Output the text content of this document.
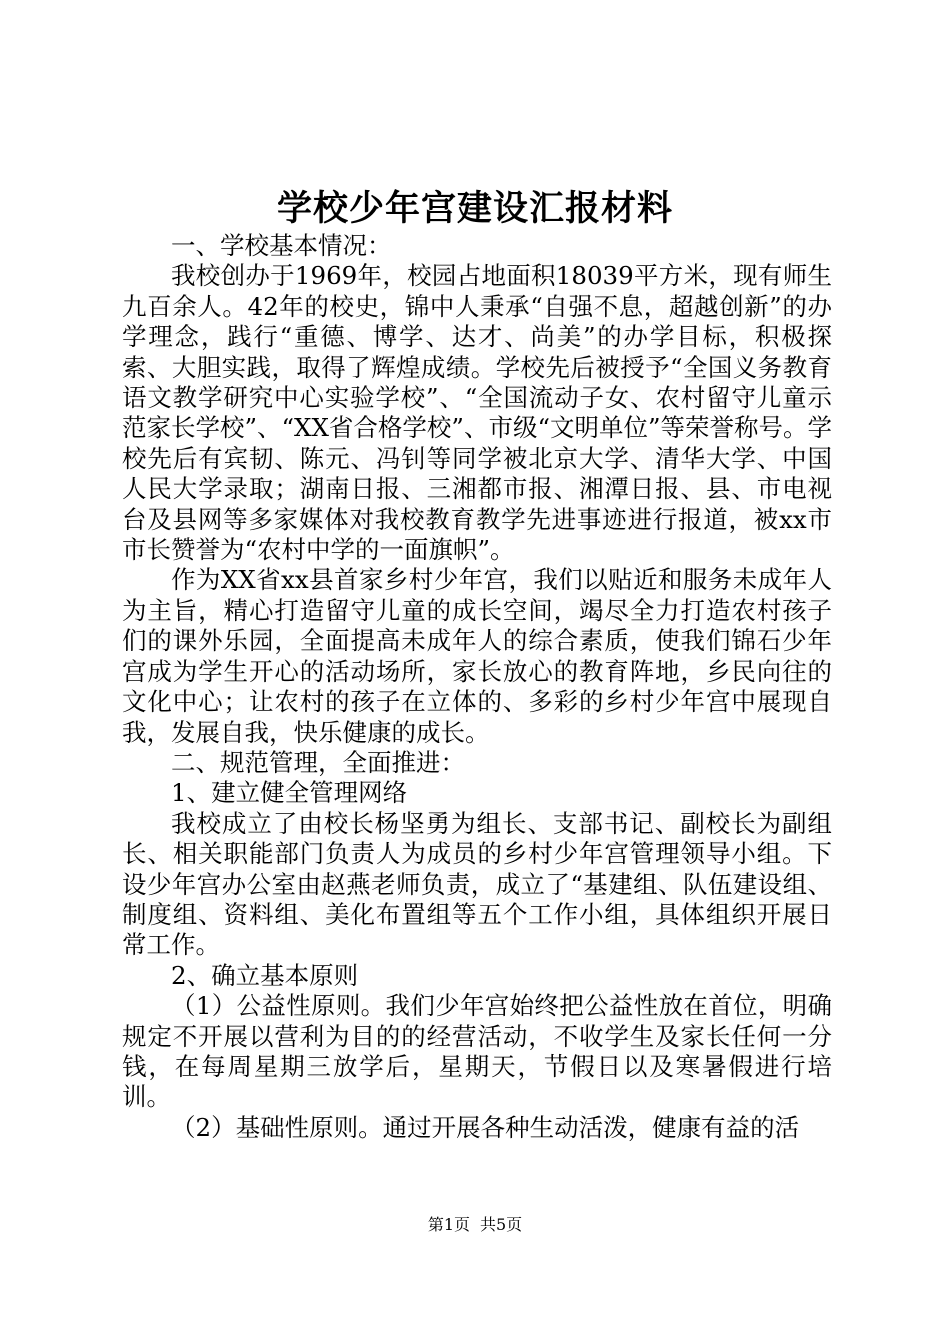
学校少年宫建设汇报材料

一、学校基本情况：

我校创办于1969年，校园占地面积18039平方米，现有师生九百余人。42年的校史，锦中人秉承“自强不息，超越创新”的办学理念，践行“重德、博学、达才、尚美”的办学目标，积极探索、大胆实践，取得了辉煌成绩。学校先后被授予“全国义务教育语文教学研究中心实验学校”、“全国流动子女、农村留守儿童示范家长学校”、“XX省合格学校”、市级“文明单位”等荣誉称号。学校先后有宾韧、陈元、冯钊等同学被北京大学、清华大学、中国人民大学录取；湖南日报、三湘都市报、湘潭日报、县、市电视台及县网等多家媒体对我校教育教学先进事迹进行报道，被xx市市长赞誉为“农村中学的一面旗帜”。

作为XX省xx县首家乡村少年宫，我们以贴近和服务未成年人为主旨，精心打造留守儿童的成长空间，竭尽全力打造农村孩子们的课外乐园，全面提高未成年人的综合素质，使我们锦石少年宫成为学生开心的活动场所，家长放心的教育阵地，乡民向往的文化中心；让农村的孩子在立体的、多彩的乡村少年宫中展现自我，发展自我，快乐健康的成长。

二、规范管理，全面推进：

1、建立健全管理网络

我校成立了由校长杨坚勇为组长、支部书记、副校长为副组长、相关职能部门负责人为成员的乡村少年宫管理领导小组。下设少年宫办公室由赵燕老师负责，成立了“基建组、队伍建设组、制度组、资料组、美化布置组等五个工作小组，具体组织开展日常工作。

2、确立基本原则

（1）公益性原则。我们少年宫始终把公益性放在首位，明确规定不开展以营利为目的的经营活动，不收学生及家长任何一分钱，在每周星期三放学后，星期天，节假日以及寒暑假进行培训。

（2）基础性原则。通过开展各种生动活泼，健康有益的活

第1页 共5页
